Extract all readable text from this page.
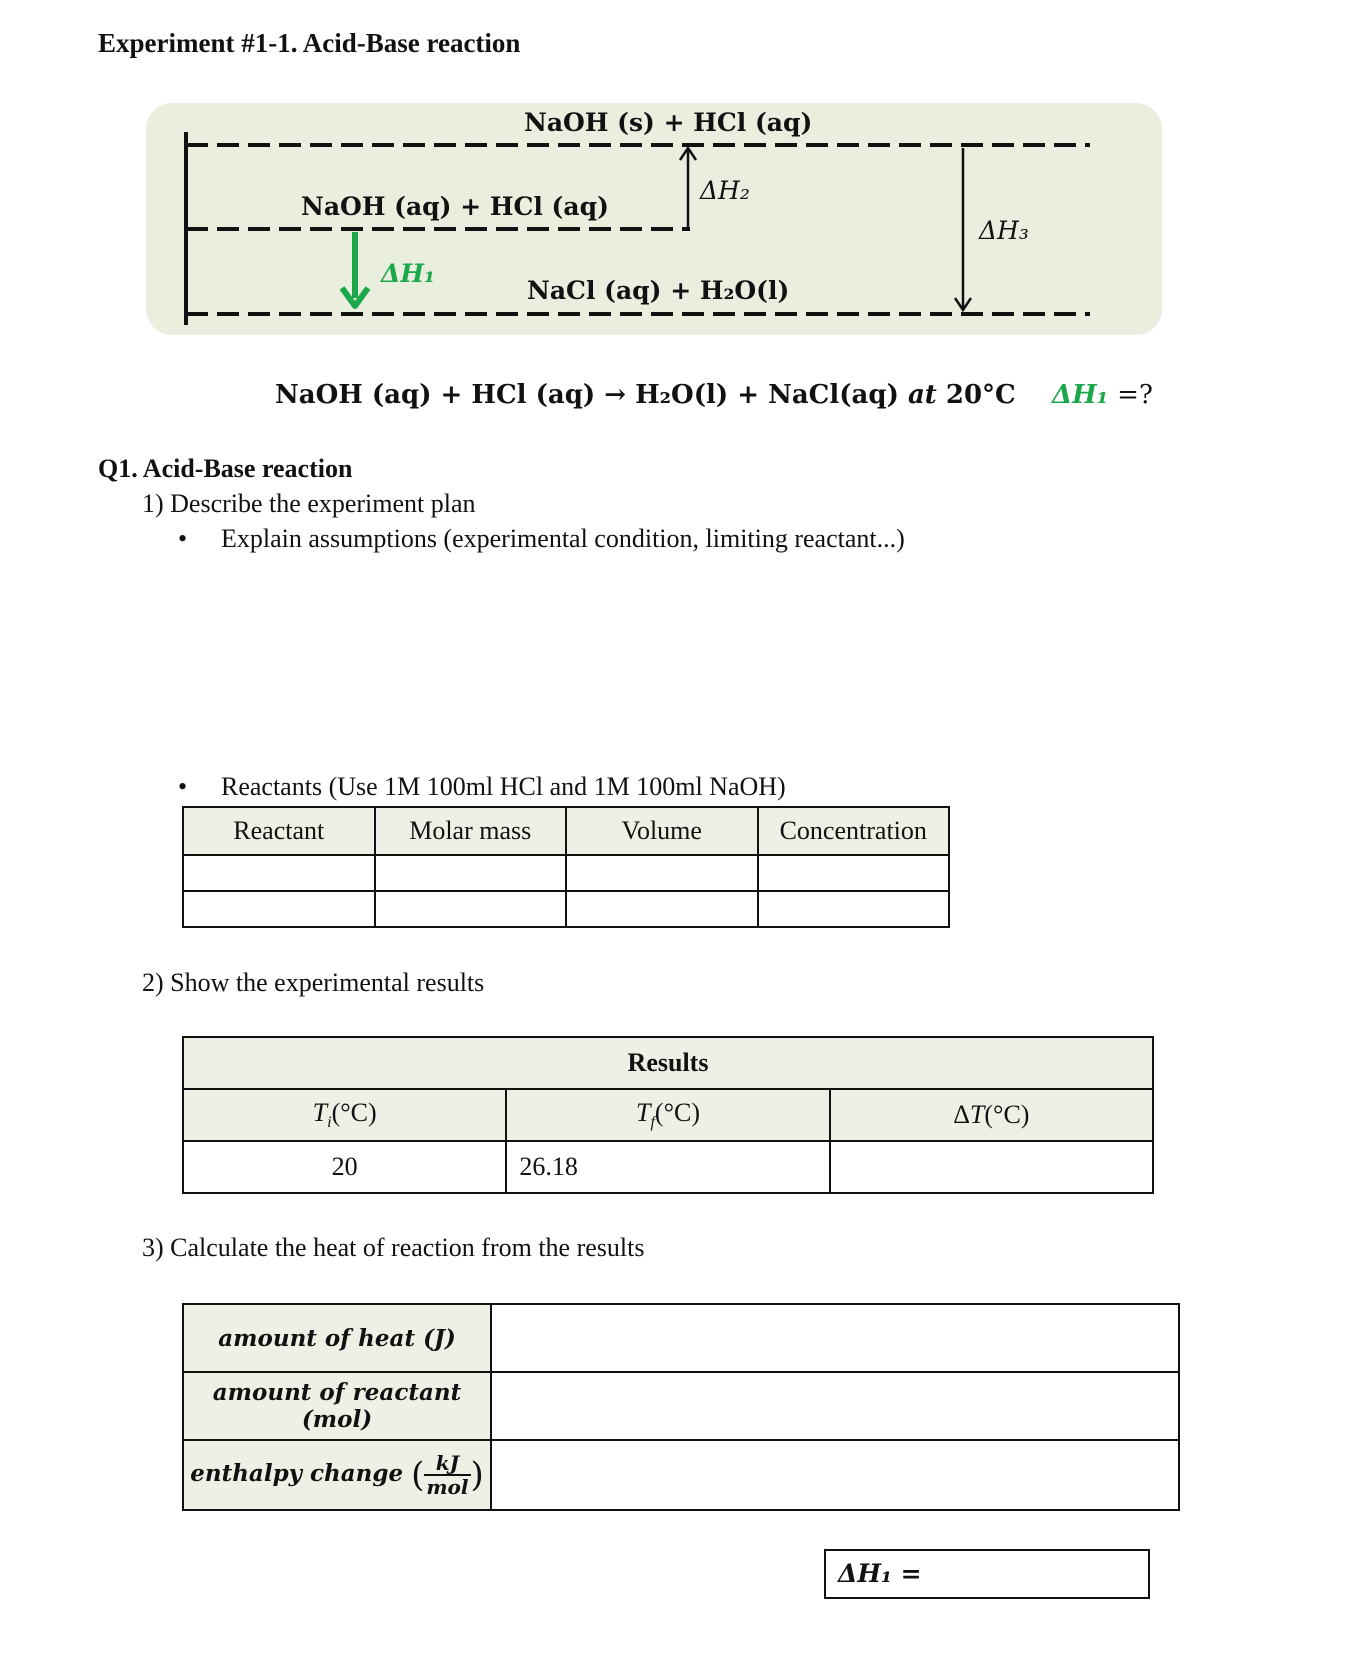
Experiment #1-1. Acid-Base reaction
NaOH (s) + HCl (aq)
NaOH (aq) + HCl (aq)
NaCl (aq) + H₂O(l)
ΔH₂
ΔH₃
ΔH₁
NaOH (aq) + HCl (aq) → H₂O(l) + NaCl(aq) at 20°C ΔH₁ =?
Q1. Acid-Base reaction
1) Describe the experiment plan
• Explain assumptions (experimental condition, limiting reactant...)
• Reactants (Use 1M 100ml HCl and 1M 100ml NaOH)
Reactant	Molar mass	Volume	Concentration

2) Show the experimental results
Results		
$T_i(^\circ C)$	$T_f(^\circ C)$	ΔT(°C)
20	26.18	
3) Calculate the heat of reaction from the results
amount of heat (J)	
amount of reactant (mol)	
enthalpy change ( kJ
mol )	
ΔH₁ =
